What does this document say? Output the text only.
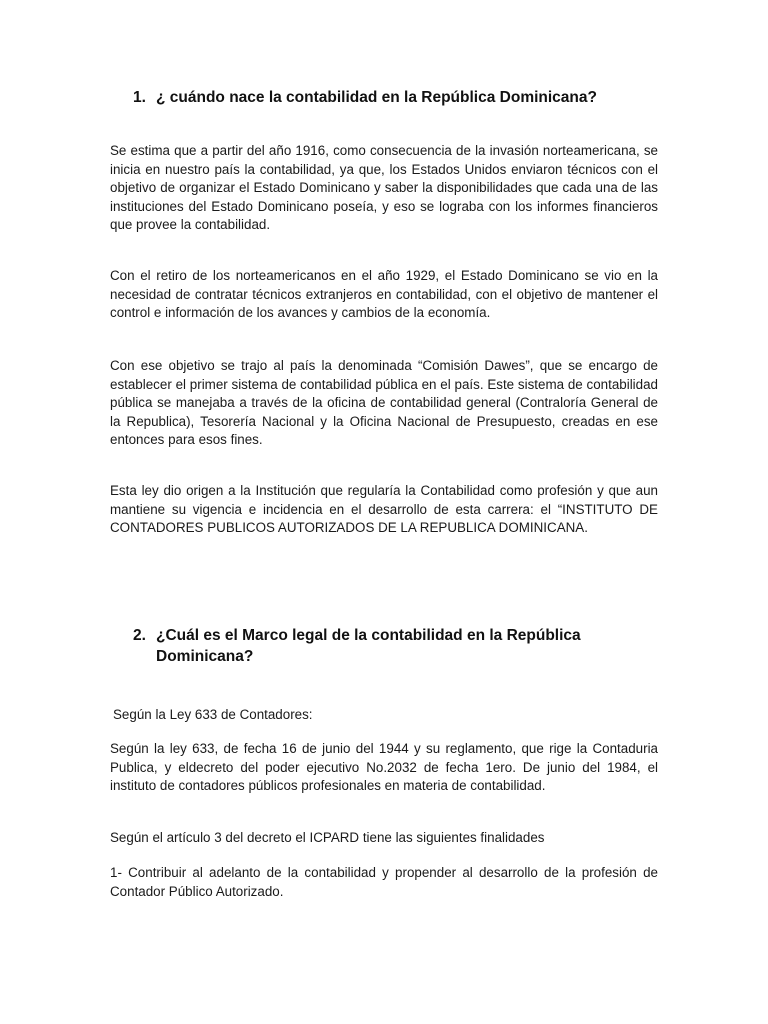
1. ¿ cuándo nace la contabilidad en la República Dominicana?

Se estima que a partir del año 1916, como consecuencia de la invasión norteamericana, se inicia en nuestro país la contabilidad, ya que, los Estados Unidos enviaron técnicos con el objetivo de organizar el Estado Dominicano y saber la disponibilidades que cada una de las instituciones del Estado Dominicano poseía, y eso se lograba con los informes financieros que provee la contabilidad.

Con el retiro de los norteamericanos en el año 1929, el Estado Dominicano se vio en la necesidad de contratar técnicos extranjeros en contabilidad, con el objetivo de mantener el control e información de los avances y cambios de la economía.

Con ese objetivo se trajo al país la denominada “Comisión Dawes”, que se encargo de establecer el primer sistema de contabilidad pública en el país. Este sistema de contabilidad pública se manejaba a través de la oficina de contabilidad general (Contraloría General de la Republica), Tesorería Nacional y la Oficina Nacional de Presupuesto, creadas en ese entonces para esos fines.

Esta ley dio origen a la Institución que regularía la Contabilidad como profesión y que aun mantiene su vigencia e incidencia en el desarrollo de esta carrera: el “INSTITUTO DE CONTADORES PUBLICOS AUTORIZADOS DE LA REPUBLICA DOMINICANA.

2. ¿Cuál es el Marco legal de la contabilidad en la República Dominicana?

Según la Ley 633 de Contadores:

Según la ley 633, de fecha 16 de junio del 1944 y su reglamento, que rige la Contaduria Publica, y eldecreto del poder ejecutivo No.2032 de fecha 1ero. De junio del 1984, el instituto de contadores públicos profesionales en materia de contabilidad.

Según el artículo 3 del decreto el ICPARD tiene las siguientes finalidades

1- Contribuir al adelanto de la contabilidad y propender al desarrollo de la profesión de Contador Público Autorizado.
